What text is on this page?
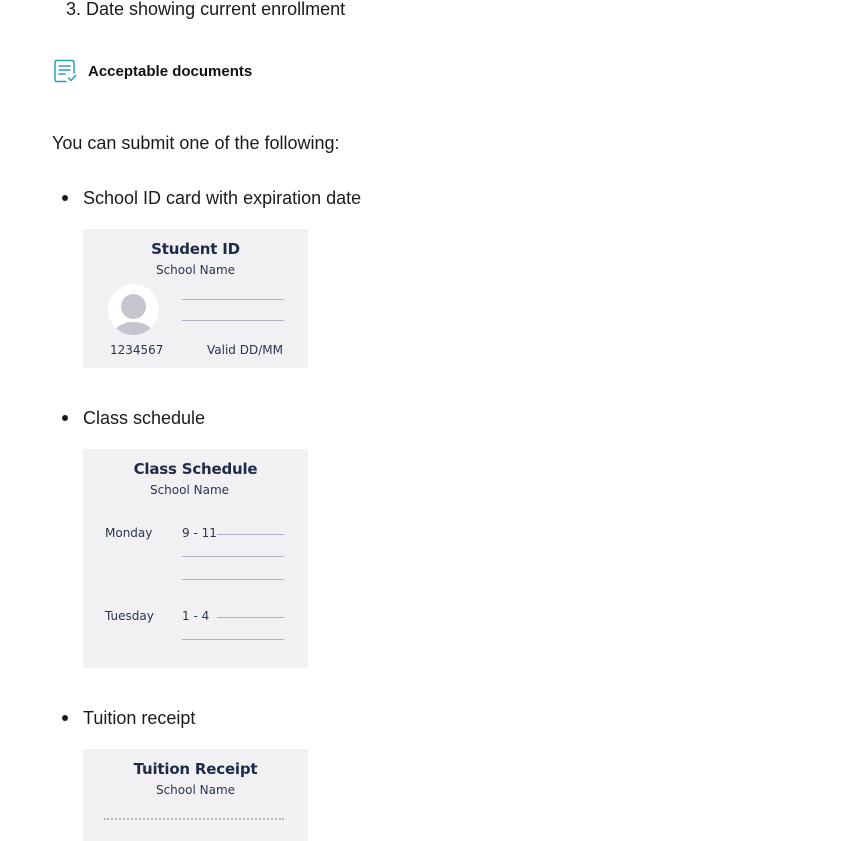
3. Date showing current enrollment
Acceptable documents
You can submit one of the following:
School ID card with expiration date
Student ID
School Name
1234567	Valid DD/MM
Class schedule
Class Schedule
School Name
Monday 9 - 11
Tuesday 1 - 4
Tuition receipt
Tuition Receipt
School Name
